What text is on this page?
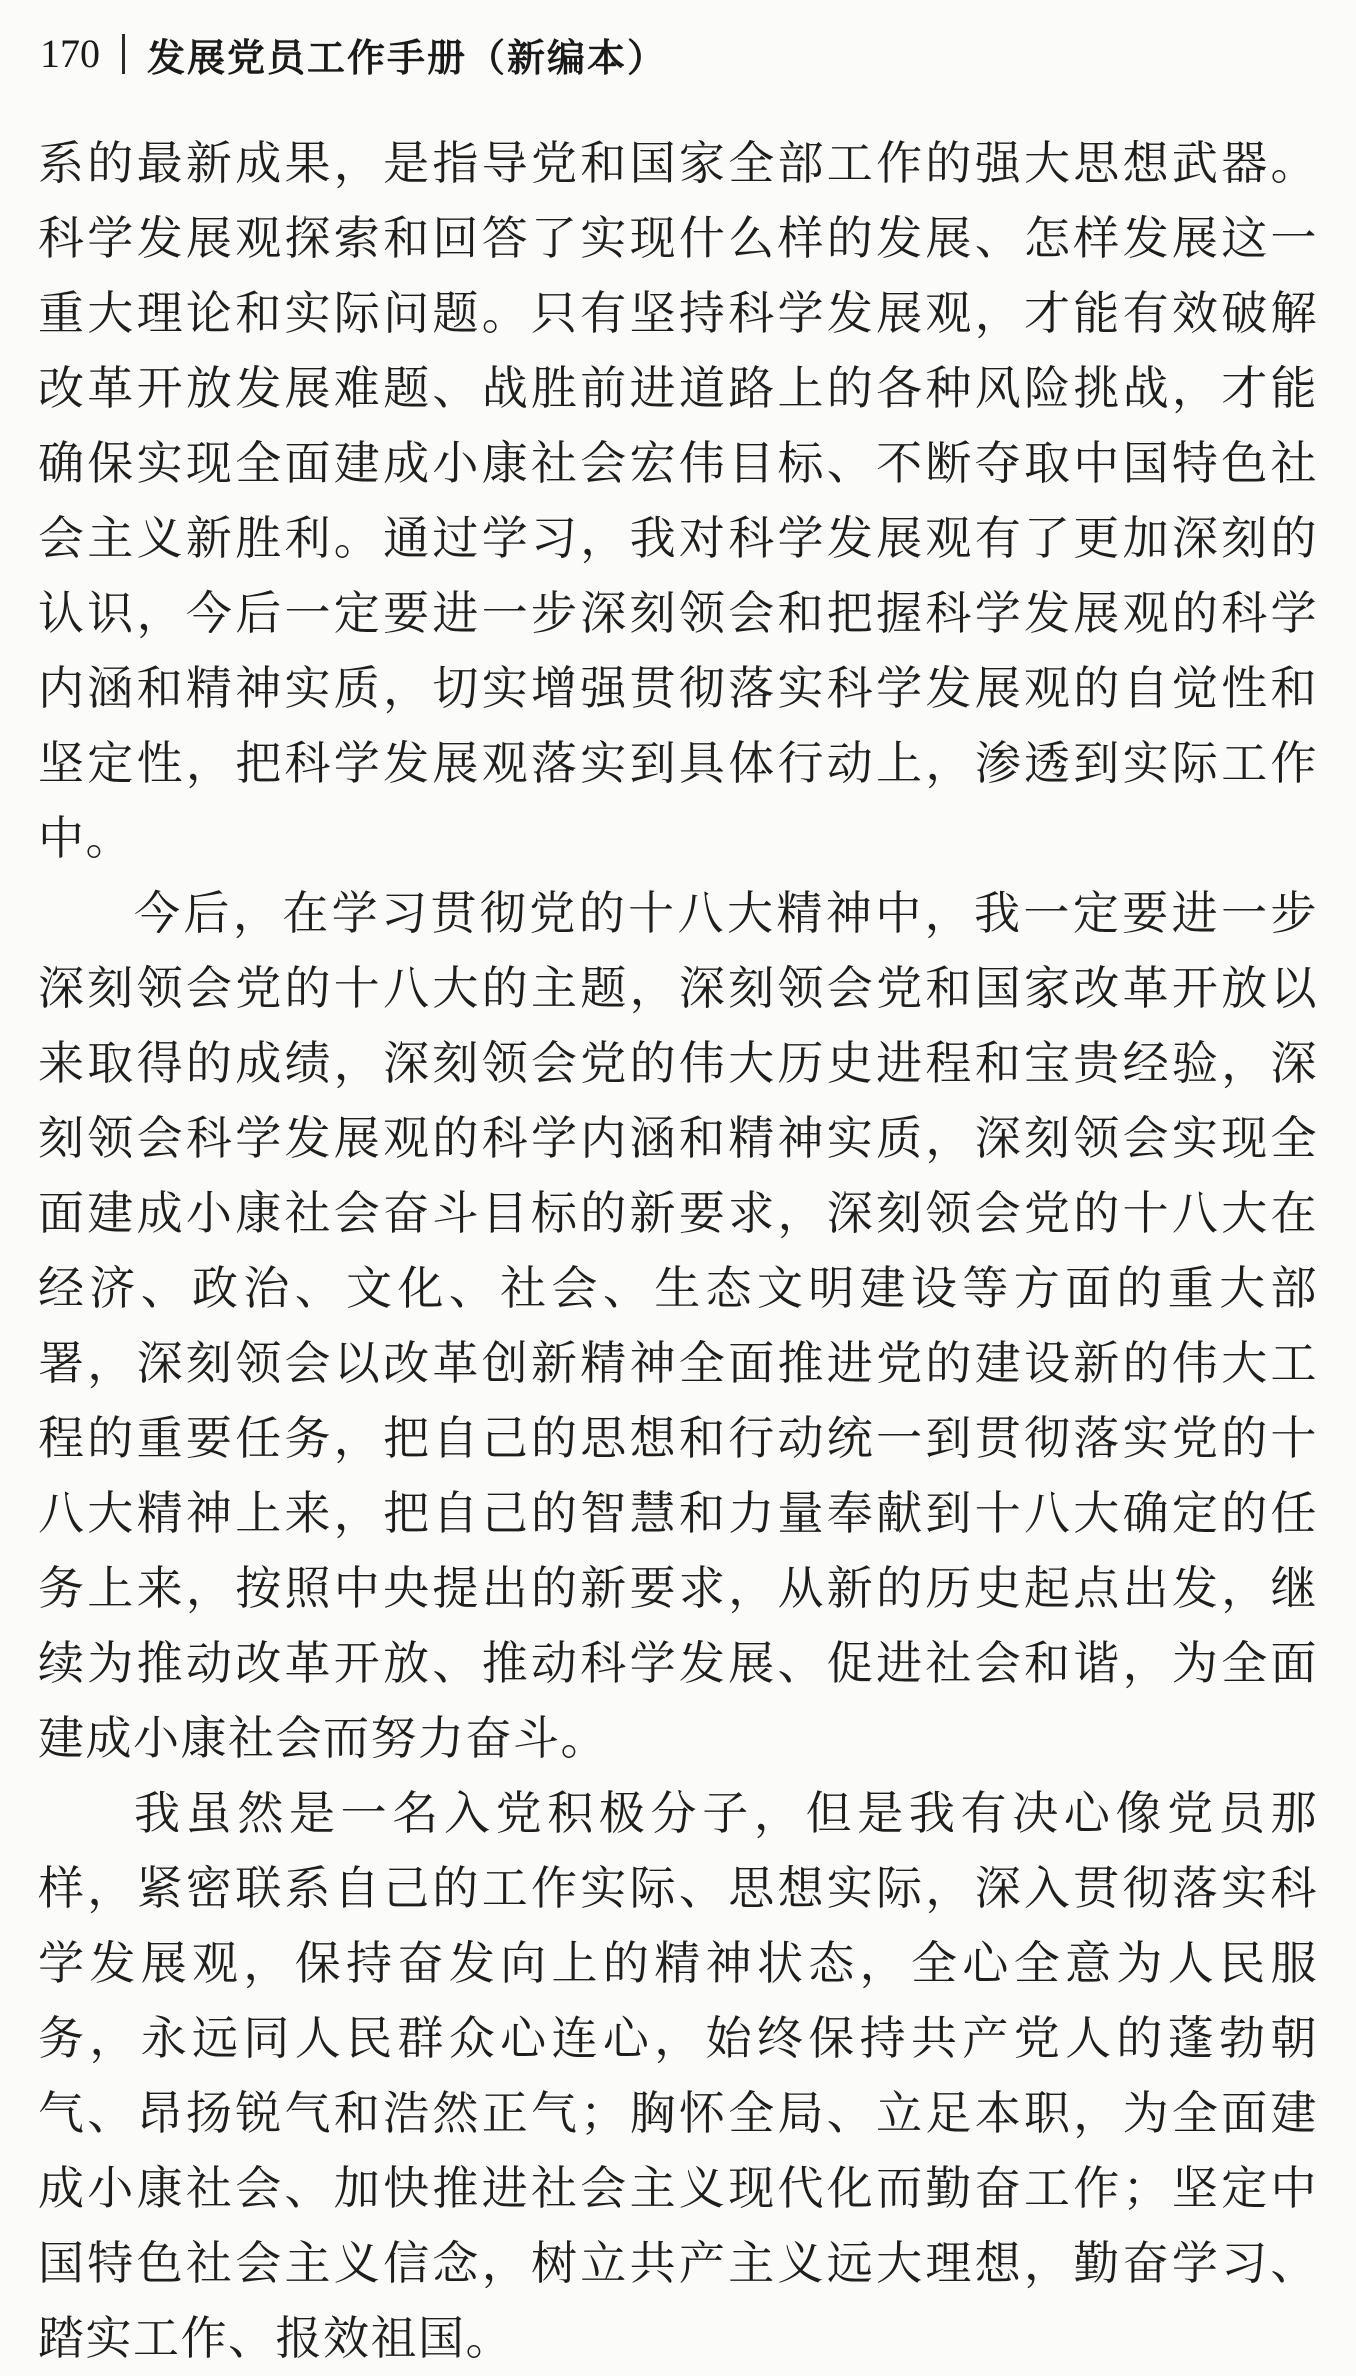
170 发展党员工作手册（新编本）

系的最新成果，是指导党和国家全部工作的强大思想武器。科学发展观探索和回答了实现什么样的发展、怎样发展这一重大理论和实际问题。只有坚持科学发展观，才能有效破解改革开放发展难题、战胜前进道路上的各种风险挑战，才能确保实现全面建成小康社会宏伟目标、不断夺取中国特色社会主义新胜利。通过学习，我对科学发展观有了更加深刻的认识，今后一定要进一步深刻领会和把握科学发展观的科学内涵和精神实质，切实增强贯彻落实科学发展观的自觉性和坚定性，把科学发展观落实到具体行动上，渗透到实际工作中。

今后，在学习贯彻党的十八大精神中，我一定要进一步深刻领会党的十八大的主题，深刻领会党和国家改革开放以来取得的成绩，深刻领会党的伟大历史进程和宝贵经验，深刻领会科学发展观的科学内涵和精神实质，深刻领会实现全面建成小康社会奋斗目标的新要求，深刻领会党的十八大在经济、政治、文化、社会、生态文明建设等方面的重大部署，深刻领会以改革创新精神全面推进党的建设新的伟大工程的重要任务，把自己的思想和行动统一到贯彻落实党的十八大精神上来，把自己的智慧和力量奉献到十八大确定的任务上来，按照中央提出的新要求，从新的历史起点出发，继续为推动改革开放、推动科学发展、促进社会和谐，为全面建成小康社会而努力奋斗。

我虽然是一名入党积极分子，但是我有决心像党员那样，紧密联系自己的工作实际、思想实际，深入贯彻落实科学发展观，保持奋发向上的精神状态，全心全意为人民服务，永远同人民群众心连心，始终保持共产党人的蓬勃朝气、昂扬锐气和浩然正气；胸怀全局、立足本职，为全面建成小康社会、加快推进社会主义现代化而勤奋工作；坚定中国特色社会主义信念，树立共产主义远大理想，勤奋学习、踏实工作、报效祖国。
